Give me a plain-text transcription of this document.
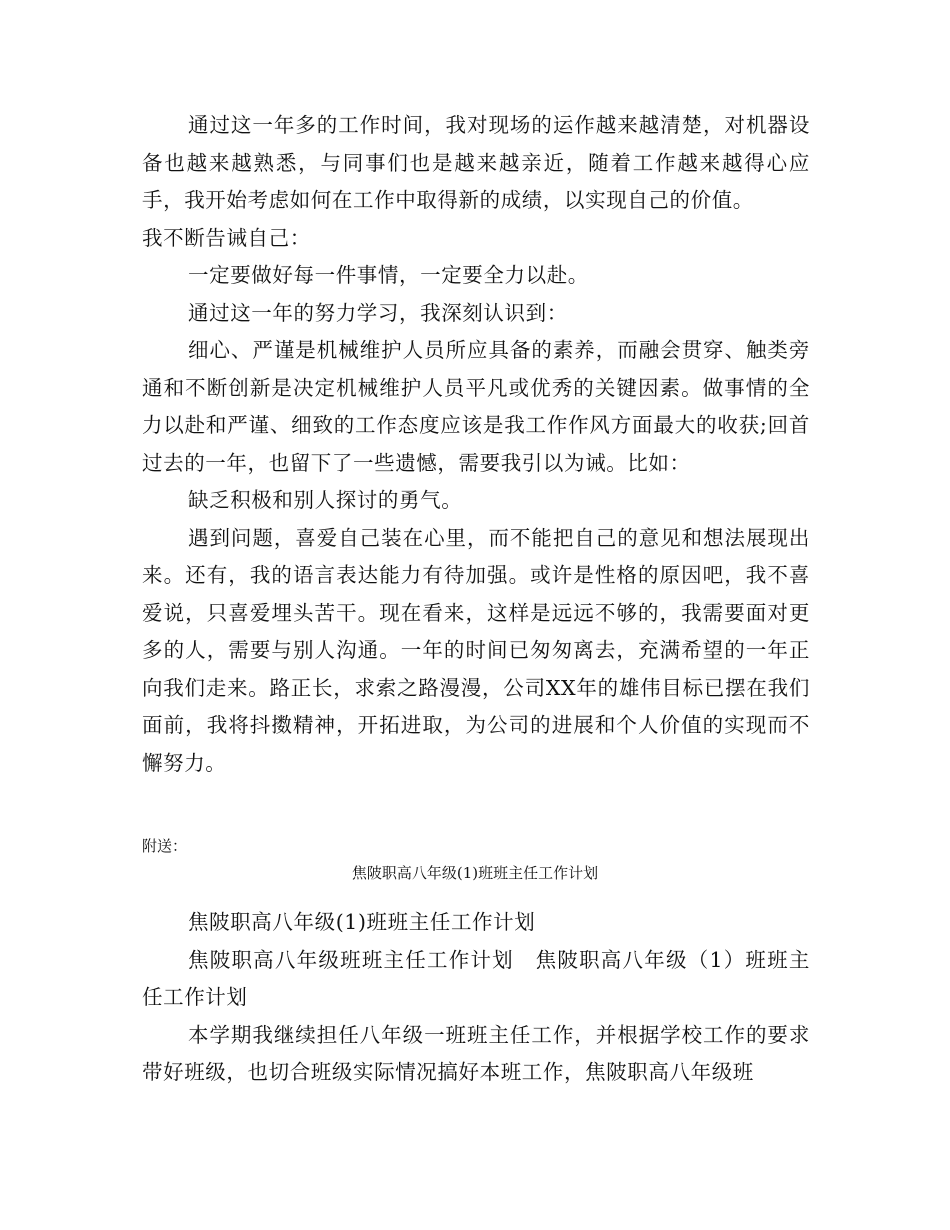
通过这一年多的工作时间，我对现场的运作越来越清楚，对机器设备也越来越熟悉，与同事们也是越来越亲近，随着工作越来越得心应手，我开始考虑如何在工作中取得新的成绩，以实现自己的价值。

我不断告诫自己：

一定要做好每一件事情，一定要全力以赴。

通过这一年的努力学习，我深刻认识到：

细心、严谨是机械维护人员所应具备的素养，而融会贯穿、触类旁通和不断创新是决定机械维护人员平凡或优秀的关键因素。做事情的全力以赴和严谨、细致的工作态度应该是我工作作风方面最大的收获;回首过去的一年，也留下了一些遗憾，需要我引以为诫。比如：

缺乏积极和别人探讨的勇气。

遇到问题，喜爱自己装在心里，而不能把自己的意见和想法展现出来。还有，我的语言表达能力有待加强。或许是性格的原因吧，我不喜爱说，只喜爱埋头苦干。现在看来，这样是远远不够的，我需要面对更多的人，需要与别人沟通。一年的时间已匆匆离去，充满希望的一年正向我们走来。路正长，求索之路漫漫，公司XX年的雄伟目标已摆在我们面前，我将抖擞精神，开拓进取，为公司的进展和个人价值的实现而不懈努力。

附送：

焦陂职高八年级(1)班班主任工作计划

焦陂职高八年级(1)班班主任工作计划

焦陂职高八年级班班主任工作计划　焦陂职高八年级（1）班班主任工作计划

本学期我继续担任八年级一班班主任工作，并根据学校工作的要求带好班级，也切合班级实际情况搞好本班工作，焦陂职高八年级班
